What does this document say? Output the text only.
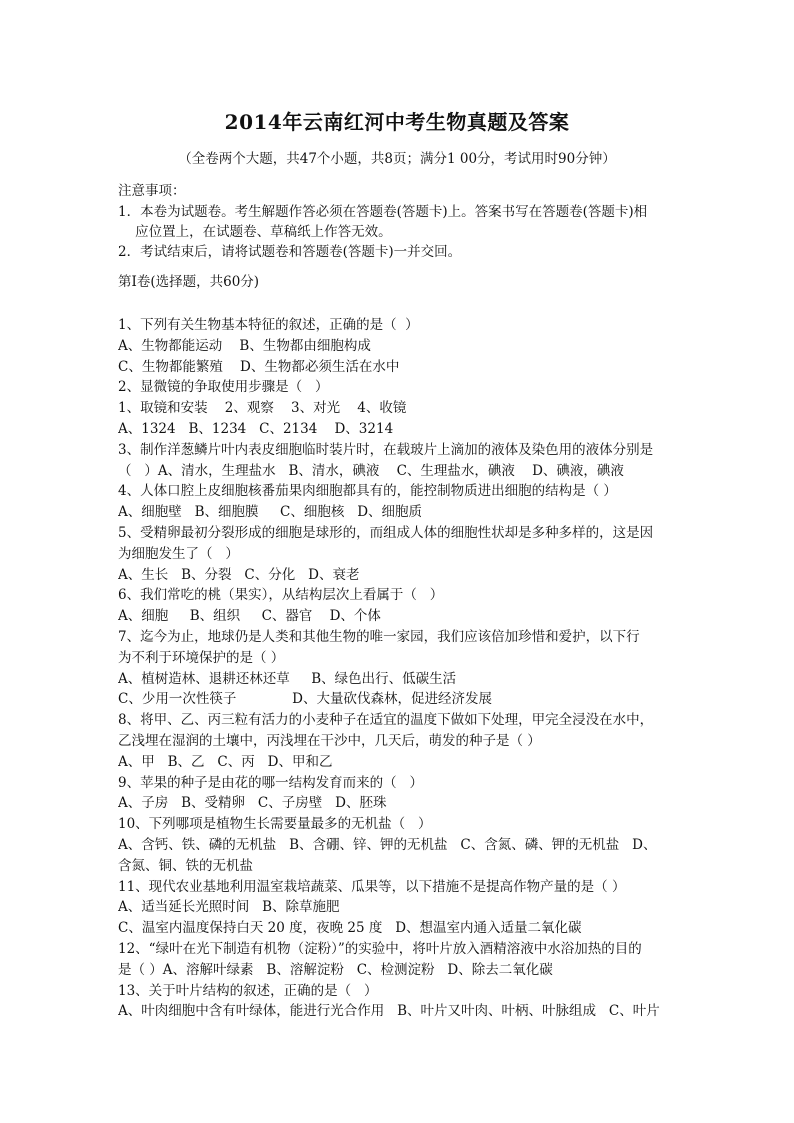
2014年云南红河中考生物真题及答案
（全卷两个大题，共47个小题，共8页；满分1 00分，考试用时90分钟）
注意事项：
1．本卷为试题卷。考生解题作答必须在答题卷(答题卡)上。答案书写在答题卷(答题卡)相
应位置上，在试题卷、草稿纸上作答无效。
2．考试结束后，请将试题卷和答题卷(答题卡)一并交回。
第Ⅰ卷(选择题，共60分)
1、下列有关生物基本特征的叙述，正确的是（  ）
A、生物都能运动    B、生物都由细胞构成
C、生物都能繁殖    D、生物都必须生活在水中
2、显微镜的争取使用步骤是（   ）
1、取镜和安装    2、观察    3、对光    4、收镜
A、1324   B、1234   C、2134    D、3214
3、制作洋葱鳞片叶内表皮细胞临时装片时，在载玻片上滴加的液体及染色用的液体分别是
（   ）A、清水，生理盐水   B、清水，碘液    C、生理盐水，碘液    D、碘液，碘液
4、人体口腔上皮细胞核番茄果肉细胞都具有的，能控制物质进出细胞的结构是（ ）
A、细胞壁   B、细胞膜     C、细胞核   D、细胞质
5、受精卵最初分裂形成的细胞是球形的，而组成人体的细胞性状却是多种多样的，这是因
为细胞发生了（   ）
A、生长   B、分裂   C、分化   D、衰老
6、我们常吃的桃（果实），从结构层次上看属于（   ）
A、细胞     B、组织     C、器官    D、个体
7、迄今为止，地球仍是人类和其他生物的唯一家园，我们应该倍加珍惜和爱护，以下行
为不利于环境保护的是（ ）
A、植树造林、退耕还林还草     B、绿色出行、低碳生活
C、少用一次性筷子             D、大量砍伐森林，促进经济发展
8、将甲、乙、丙三粒有活力的小麦种子在适宜的温度下做如下处理，甲完全浸没在水中，
乙浅埋在湿润的土壤中，丙浅埋在干沙中，几天后，萌发的种子是（ ）
A、甲   B、乙   C、丙   D、甲和乙
9、苹果的种子是由花的哪一结构发育而来的（   ）
A、子房   B、受精卵   C、子房壁   D、胚珠
10、下列哪项是植物生长需要量最多的无机盐（   ）
A、含钙、铁、磷的无机盐   B、含硼、锌、钾的无机盐   C、含氮、磷、钾的无机盐   D、
含氮、铜、铁的无机盐
11、现代农业基地利用温室栽培蔬菜、瓜果等，以下措施不是提高作物产量的是（ ）
A、适当延长光照时间   B、除草施肥
C、温室内温度保持白天 20 度，夜晚 25 度   D、想温室内通入适量二氧化碳
12、“绿叶在光下制造有机物（淀粉）”的实验中，将叶片放入酒精溶液中水浴加热的目的
是（ ）A、溶解叶绿素   B、溶解淀粉   C、检测淀粉   D、除去二氧化碳
13、关于叶片结构的叙述，正确的是（   ）
A、叶肉细胞中含有叶绿体，能进行光合作用   B、叶片又叶肉、叶柄、叶脉组成   C、叶片
